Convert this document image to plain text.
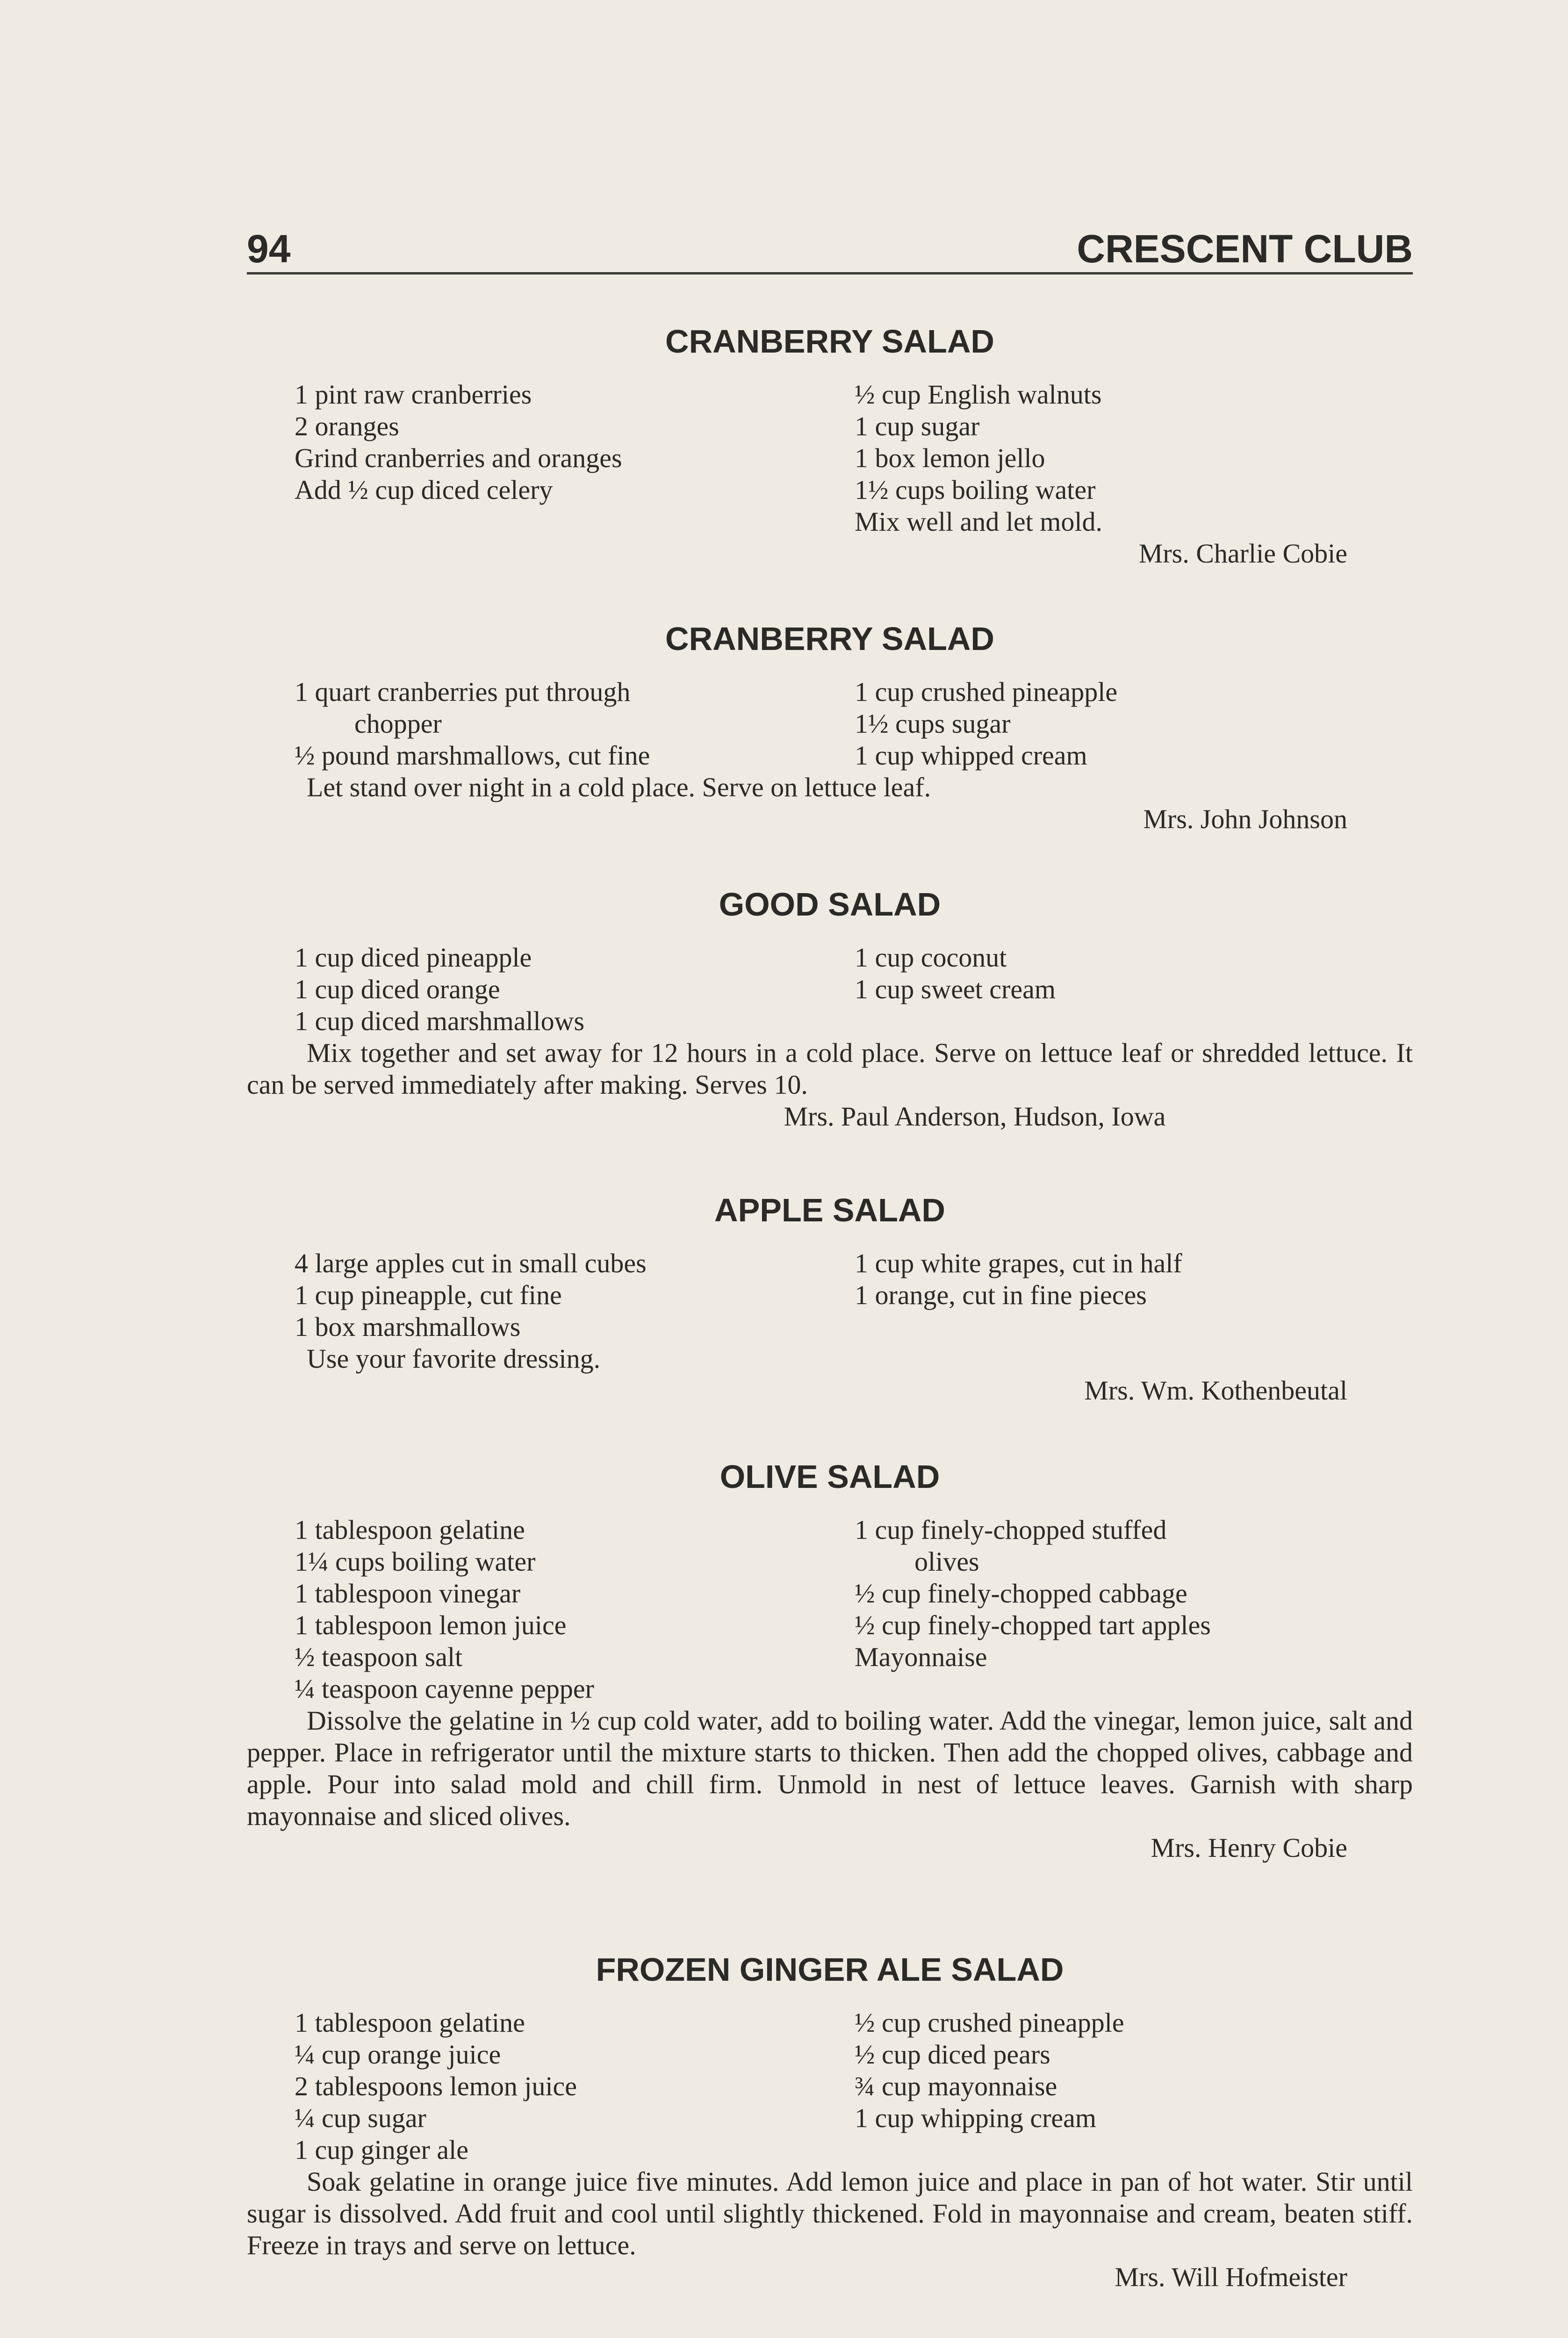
94	CRESCENT CLUB
CRANBERRY SALAD
1 pint raw cranberries
2 oranges
Grind cranberries and oranges
Add ½ cup diced celery
½ cup English walnuts
1 cup sugar
1 box lemon jello
1½ cups boiling water
Mix well and let mold.
Mrs. Charlie Cobie
CRANBERRY SALAD
1 quart cranberries put through
chopper
½ pound marshmallows, cut fine
1 cup crushed pineapple
1½ cups sugar
1 cup whipped cream
Let stand over night in a cold place. Serve on lettuce leaf.
Mrs. John Johnson
GOOD SALAD
1 cup diced pineapple
1 cup diced orange
1 cup diced marshmallows
1 cup coconut
1 cup sweet cream
Mix together and set away for 12 hours in a cold place. Serve on lettuce leaf or shredded lettuce. It can be served immediately after making. Serves 10.
Mrs. Paul Anderson, Hudson, Iowa
APPLE SALAD
4 large apples cut in small cubes
1 cup pineapple, cut fine
1 box marshmallows
1 cup white grapes, cut in half
1 orange, cut in fine pieces
Use your favorite dressing.
Mrs. Wm. Kothenbeutal
OLIVE SALAD
1 tablespoon gelatine
1¼ cups boiling water
1 tablespoon vinegar
1 tablespoon lemon juice
½ teaspoon salt
¼ teaspoon cayenne pepper
1 cup finely-chopped stuffed
olives
½ cup finely-chopped cabbage
½ cup finely-chopped tart apples
Mayonnaise
Dissolve the gelatine in ½ cup cold water, add to boiling water. Add the vinegar, lemon juice, salt and pepper. Place in refrigerator until the mixture starts to thicken. Then add the chopped olives, cabbage and apple. Pour into salad mold and chill firm. Unmold in nest of lettuce leaves. Garnish with sharp mayonnaise and sliced olives.
Mrs. Henry Cobie
FROZEN GINGER ALE SALAD
1 tablespoon gelatine
¼ cup orange juice
2 tablespoons lemon juice
¼ cup sugar
1 cup ginger ale
½ cup crushed pineapple
½ cup diced pears
¾ cup mayonnaise
1 cup whipping cream
Soak gelatine in orange juice five minutes. Add lemon juice and place in pan of hot water. Stir until sugar is dissolved. Add fruit and cool until slightly thickened. Fold in mayonnaise and cream, beaten stiff. Freeze in trays and serve on lettuce.
Mrs. Will Hofmeister
